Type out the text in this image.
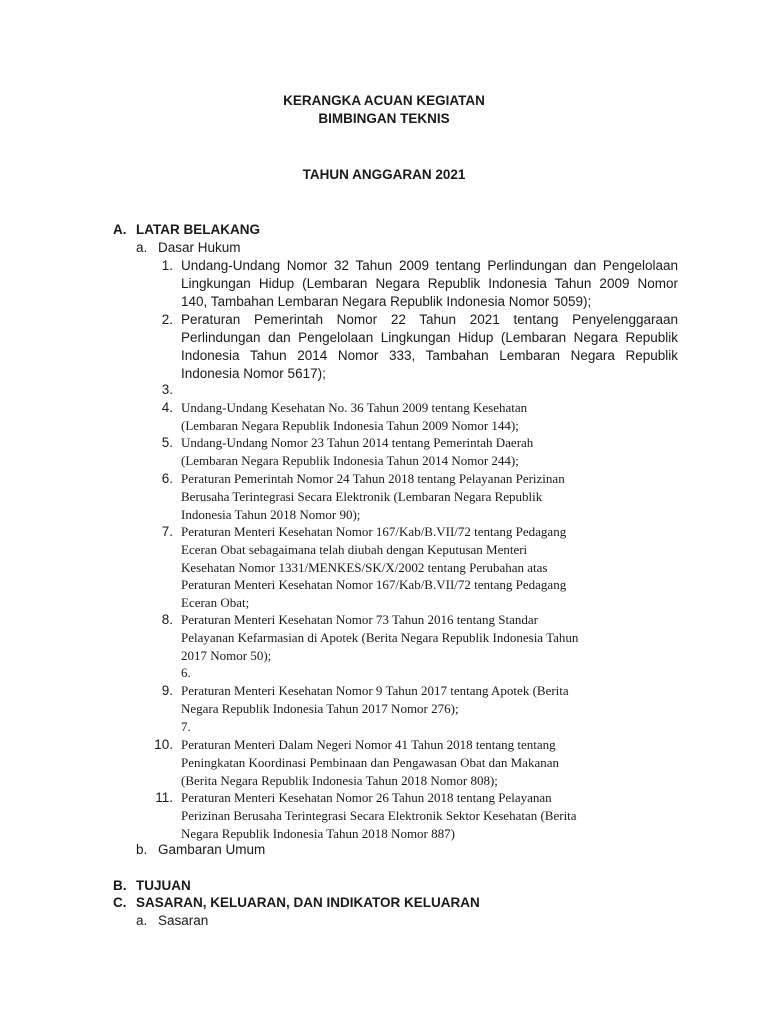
KERANGKA ACUAN KEGIATAN
BIMBINGAN TEKNIS
TAHUN ANGGARAN 2021
A. LATAR BELAKANG
a. Dasar Hukum
1. Undang-Undang Nomor 32 Tahun 2009 tentang Perlindungan dan Pengelolaan
Lingkungan Hidup (Lembaran Negara Republik Indonesia Tahun 2009 Nomor
140, Tambahan Lembaran Negara Republik Indonesia Nomor 5059);
2. Peraturan Pemerintah Nomor 22 Tahun 2021 tentang Penyelenggaraan
Perlindungan dan Pengelolaan Lingkungan Hidup (Lembaran Negara Republik
Indonesia Tahun 2014 Nomor 333, Tambahan Lembaran Negara Republik
Indonesia Nomor 5617);
3.
4. Undang-Undang Kesehatan No. 36 Tahun 2009 tentang Kesehatan
(Lembaran Negara Republik Indonesia Tahun 2009 Nomor 144);
5. Undang-Undang Nomor 23 Tahun 2014 tentang Pemerintah Daerah
(Lembaran Negara Republik Indonesia Tahun 2014 Nomor 244);
6. Peraturan Pemerintah Nomor 24 Tahun 2018 tentang Pelayanan Perizinan
Berusaha Terintegrasi Secara Elektronik (Lembaran Negara Republik
Indonesia Tahun 2018 Nomor 90);
7. Peraturan Menteri Kesehatan Nomor 167/Kab/B.VII/72 tentang Pedagang
Eceran Obat sebagaimana telah diubah dengan Keputusan Menteri
Kesehatan Nomor 1331/MENKES/SK/X/2002 tentang Perubahan atas
Peraturan Menteri Kesehatan Nomor 167/Kab/B.VII/72 tentang Pedagang
Eceran Obat;
8. Peraturan Menteri Kesehatan Nomor 73 Tahun 2016 tentang Standar
Pelayanan Kefarmasian di Apotek (Berita Negara Republik Indonesia Tahun
2017 Nomor 50);
6.
9. Peraturan Menteri Kesehatan Nomor 9 Tahun 2017 tentang Apotek (Berita
Negara Republik Indonesia Tahun 2017 Nomor 276);
7.
10. Peraturan Menteri Dalam Negeri Nomor 41 Tahun 2018 tentang tentang
Peningkatan Koordinasi Pembinaan dan Pengawasan Obat dan Makanan
(Berita Negara Republik Indonesia Tahun 2018 Nomor 808);
11. Peraturan Menteri Kesehatan Nomor 26 Tahun 2018 tentang Pelayanan
Perizinan Berusaha Terintegrasi Secara Elektronik Sektor Kesehatan (Berita
Negara Republik Indonesia Tahun 2018 Nomor 887)
b. Gambaran Umum
B. TUJUAN
C. SASARAN, KELUARAN, DAN INDIKATOR KELUARAN
a. Sasaran
